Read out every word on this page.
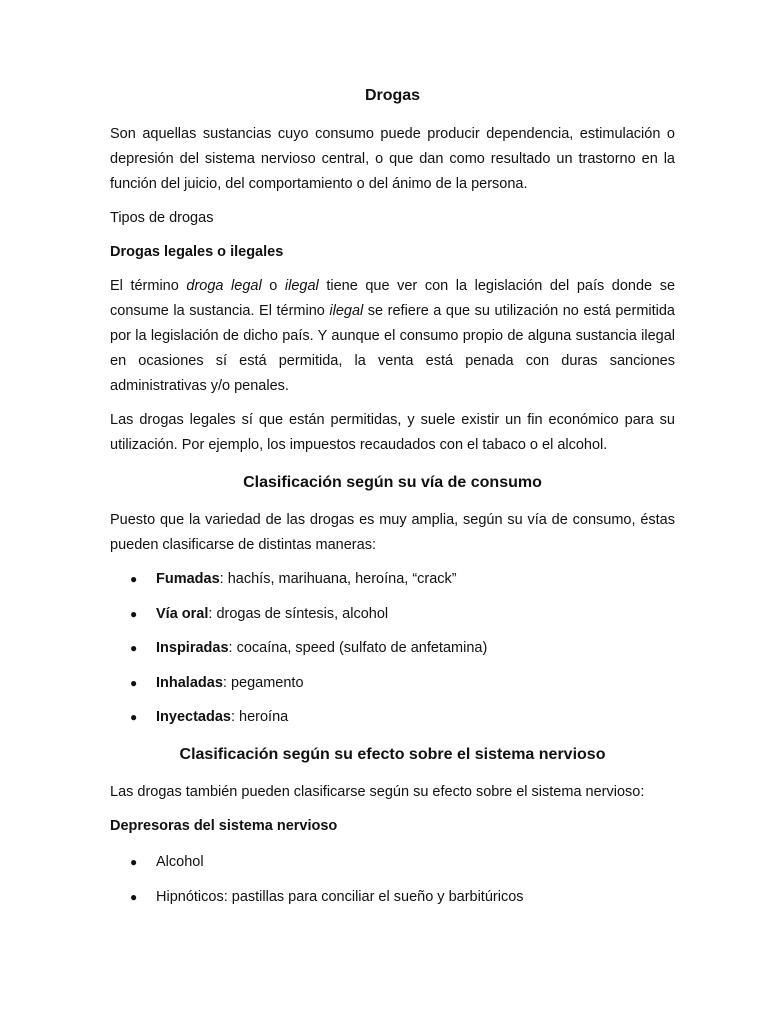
Drogas

Son aquellas sustancias cuyo consumo puede producir dependencia, estimulación o depresión del sistema nervioso central, o que dan como resultado un trastorno en la función del juicio, del comportamiento o del ánimo de la persona.

Tipos de drogas

Drogas legales o ilegales

El término droga legal o ilegal tiene que ver con la legislación del país donde se consume la sustancia. El término ilegal se refiere a que su utilización no está permitida por la legislación de dicho país. Y aunque el consumo propio de alguna sustancia ilegal en ocasiones sí está permitida, la venta está penada con duras sanciones administrativas y/o penales.

Las drogas legales sí que están permitidas, y suele existir un fin económico para su utilización. Por ejemplo, los impuestos recaudados con el tabaco o el alcohol.

Clasificación según su vía de consumo

Puesto que la variedad de las drogas es muy amplia, según su vía de consumo, éstas pueden clasificarse de distintas maneras:

● Fumadas: hachís, marihuana, heroína, “crack”
● Vía oral: drogas de síntesis, alcohol
● Inspiradas: cocaína, speed (sulfato de anfetamina)
● Inhaladas: pegamento
● Inyectadas: heroína
Clasificación según su efecto sobre el sistema nervioso

Las drogas también pueden clasificarse según su efecto sobre el sistema nervioso:

Depresoras del sistema nervioso
● Alcohol
● Hipnóticos: pastillas para conciliar el sueño y barbitúricos
